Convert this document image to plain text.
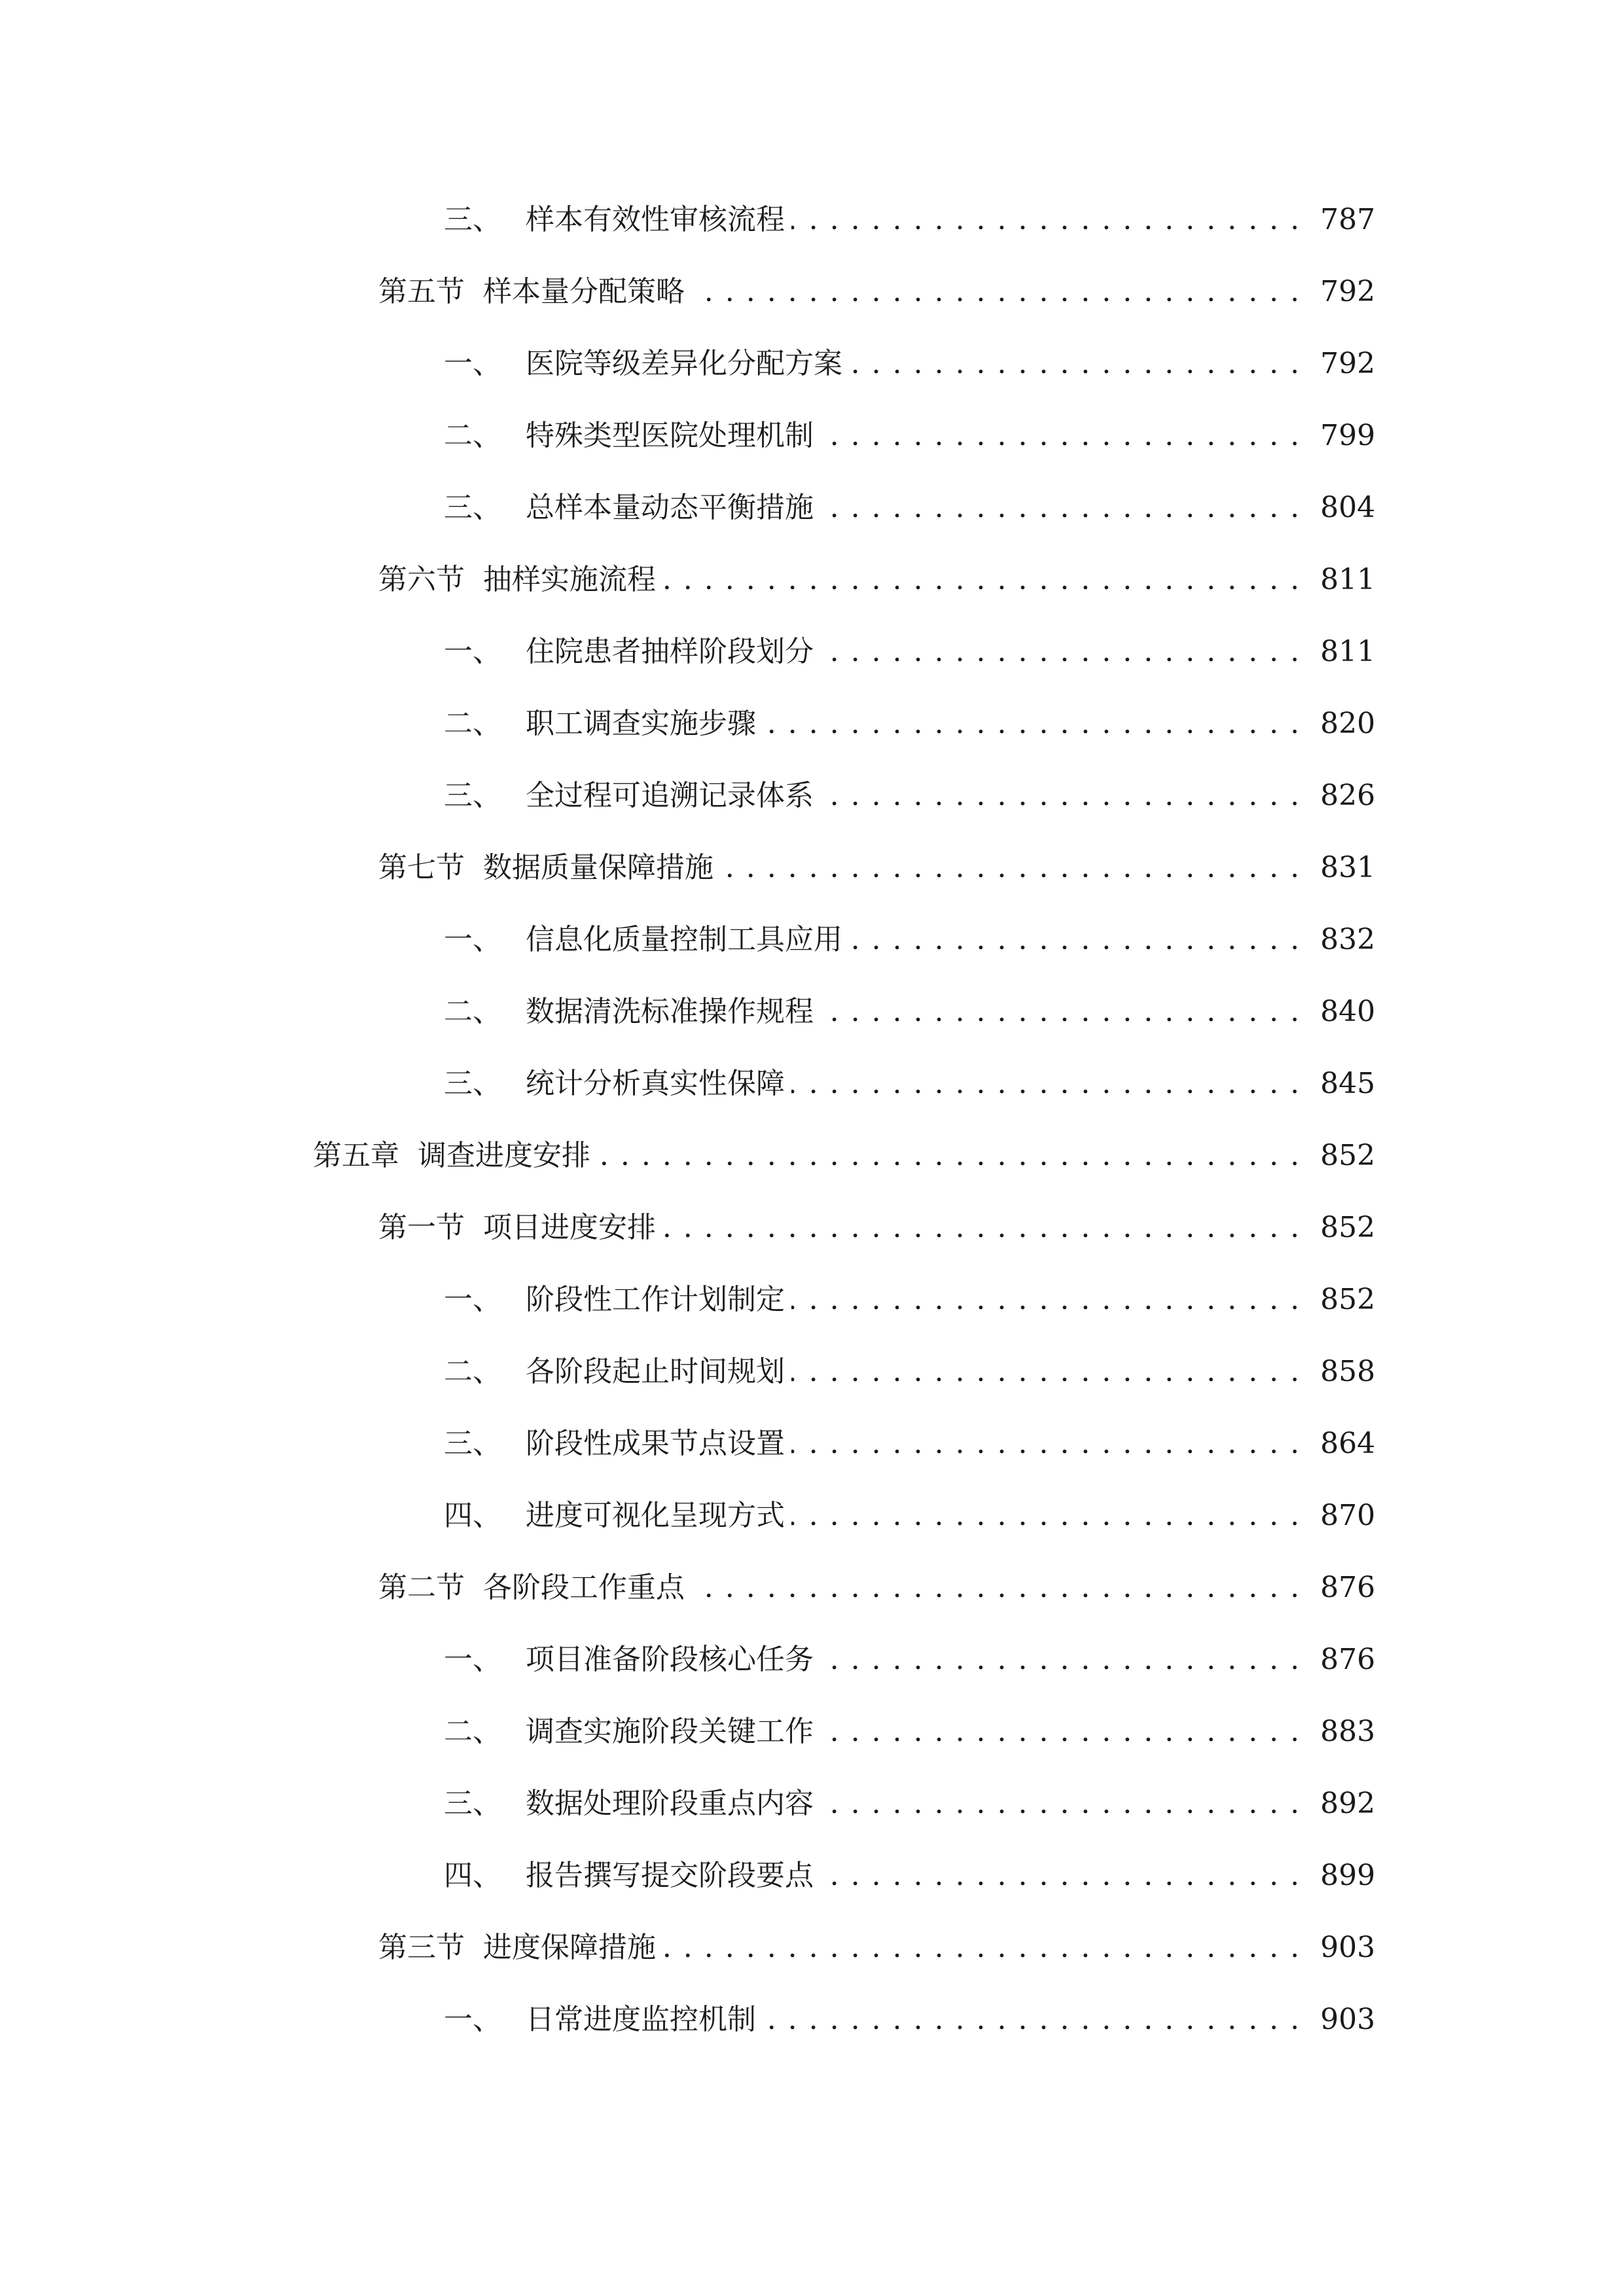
三、 样本有效性审核流程 . . .	787
第五节 样本量分配策略 . . .	792
一、 医院等级差异化分配方案 . . .	792
二、 特殊类型医院处理机制 . . .	799
三、 总样本量动态平衡措施 . . .	804
第六节 抽样实施流程 . . .	811
一、 住院患者抽样阶段划分 . . .	811
二、 职工调查实施步骤 . . .	820
三、 全过程可追溯记录体系 . . .	826
第七节 数据质量保障措施 . . .	831
一、 信息化质量控制工具应用 . . .	832
二、 数据清洗标准操作规程 . . .	840
三、 统计分析真实性保障 . . .	845
第五章 调查进度安排 . . .	852
第一节 项目进度安排 . . .	852
一、 阶段性工作计划制定 . . .	852
二、 各阶段起止时间规划 . . .	858
三、 阶段性成果节点设置 . . .	864
四、 进度可视化呈现方式 . . .	870
第二节 各阶段工作重点 . . .	876
一、 项目准备阶段核心任务 . . .	876
二、 调查实施阶段关键工作 . . .	883
三、 数据处理阶段重点内容 . . .	892
四、 报告撰写提交阶段要点 . . .	899
第三节 进度保障措施 . . .	903
一、 日常进度监控机制 . . .	903
